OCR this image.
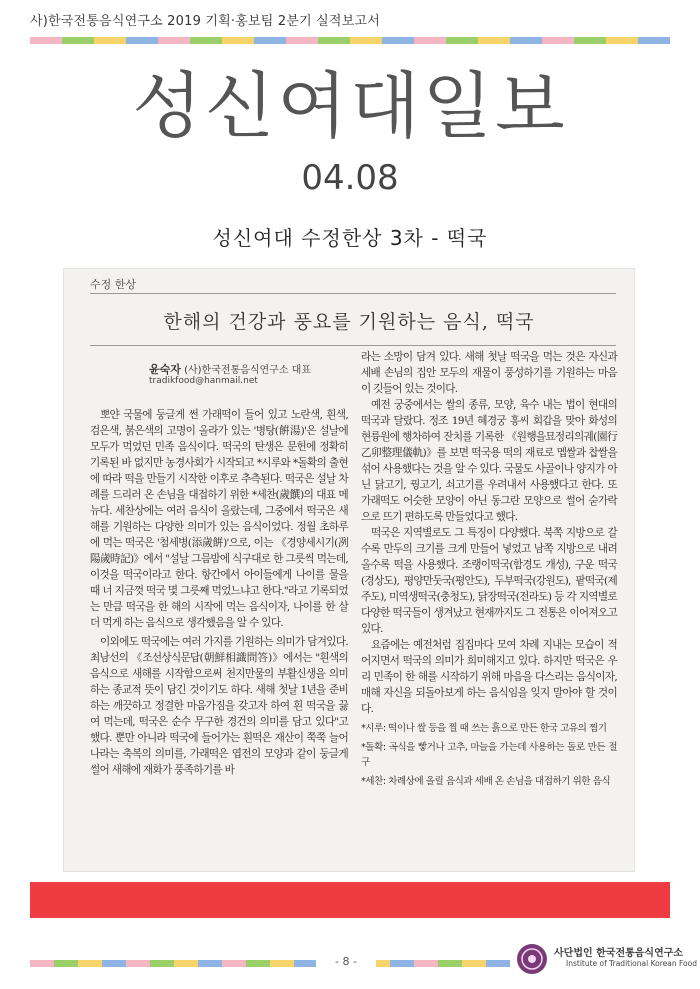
사)한국전통음식연구소 2019 기획·홍보팀 2분기 실적보고서
성신여대일보
04.08
성신여대 수정한상 3차 - 떡국
수정 한상
한해의 건강과 풍요를 기원하는 음식, 떡국
윤숙자 (사)한국전통음식연구소 대표
tradikfood@hanmail.net

뽀얀 국물에 둥글게 썬 가래떡이 들어 있고 노란색, 흰색, 검은색, 붉은색의 고명이 올라가 있는 '병탕(餠湯)'은 설날에 모두가 먹었던 민족 음식이다. 떡국의 탄생은 문헌에 정확히 기록된 바 없지만 농경사회가 시작되고 *시루와 *돌확의 출현에 따라 떡을 만들기 시작한 이후로 추측된다. 떡국은 설날 차례를 드리러 온 손님을 대접하기 위한 *세찬(歲饌)의 대표 메뉴다. 세찬상에는 여러 음식이 올랐는데, 그중에서 떡국은 새해를 기원하는 다양한 의미가 있는 음식이었다. 정월 초하루에 먹는 떡국은 '첨세병(添歲餠)'으로, 이는 《경양세시기(冽陽歲時記)》에서 "설날 그믐밤에 식구대로 한 그릇씩 먹는데, 이것을 떡국이라고 한다. 항간에서 아이들에게 나이를 물을 때 너 지금껏 떡국 몇 그릇째 먹었느냐고 한다."라고 기록되었는 만큼 떡국을 한 해의 시작에 먹는 음식이자, 나이를 한 살 더 먹게 하는 음식으로 생각했음을 알 수 있다.

이외에도 떡국에는 여러 가지를 기원하는 의미가 담겨있다. 최남선의 《조선상식문답(朝鮮相識問答)》에서는 "흰색의 음식으로 새해를 시작함으로써 천지만물의 부활신생을 의미하는 종교적 뜻이 담긴 것이기도 하다. 새해 첫날 1년을 준비하는 깨끗하고 정결한 마음가짐을 갖고자 하여 흰 떡국을 끓여 먹는데, 떡국은 순수 무구한 경건의 의미를 담고 있다"고 했다. 뿐만 아니라 떡국에 들어가는 흰떡은 재산이 쭉쭉 늘어나라는 축복의 의미를, 가래떡은 엽전의 모양과 같이 둥글게 썰어 새해에 재화가 풍족하기를 바

라는 소망이 담겨 있다. 새해 첫날 떡국을 먹는 것은 자신과 세배 손님의 집안 모두의 재물이 풍성하기를 기원하는 마음이 깃들어 있는 것이다.

예전 궁중에서는 쌀의 종류, 모양, 육수 내는 법이 현대의 떡국과 달랐다. 정조 19년 혜경궁 홍씨 회갑을 맞아 화성의 현륭원에 행차하여 잔치를 기록한 《원행을묘정리의궤(園行乙卯整理儀軌)》를 보면 떡국용 떡의 재료로 멥쌀과 찹쌀을 섞어 사용했다는 것을 알 수 있다. 국물도 사골이나 양지가 아닌 닭고기, 꿩고기, 쇠고기를 우려내서 사용했다고 한다. 또 가래떡도 어슷한 모양이 아닌 동그란 모양으로 썰어 숟가락으로 뜨기 편하도록 만들었다고 했다.

떡국은 지역별로도 그 특징이 다양했다. 북쪽 지방으로 갈수록 만두의 크기를 크게 만들어 넣었고 남쪽 지방으로 내려올수록 떡을 사용했다. 조랭이떡국(함경도 개성), 구운 떡국(경상도), 평양만둣국(평안도), 두부떡국(강원도), 팥떡국(제주도), 미역생떡국(충청도), 닭장떡국(전라도) 등 각 지역별로 다양한 떡국들이 생겨났고 현재까지도 그 전통은 이어져오고 있다.

요즘에는 예전처럼 집집마다 모여 차례 지내는 모습이 적어지면서 떡국의 의미가 희미해지고 있다. 하지만 떡국은 우리 민족이 한 해를 시작하기 위해 마음을 다스리는 음식이자, 매해 자신을 되돌아보게 하는 음식임을 잊지 말아야 할 것이다.

*시루: 떡이나 쌀 등을 찔 때 쓰는 흙으로 만든 한국 고유의 찜기

*돌확: 곡식을 빻거나 고추, 마늘을 가는데 사용하는 돌로 만든 절구

*세찬: 차례상에 올릴 음식과 세배 온 손님을 대접하기 위한 음식

- 8 -
사단법인 한국전통음식연구소
Institute of Traditional Korean Food
